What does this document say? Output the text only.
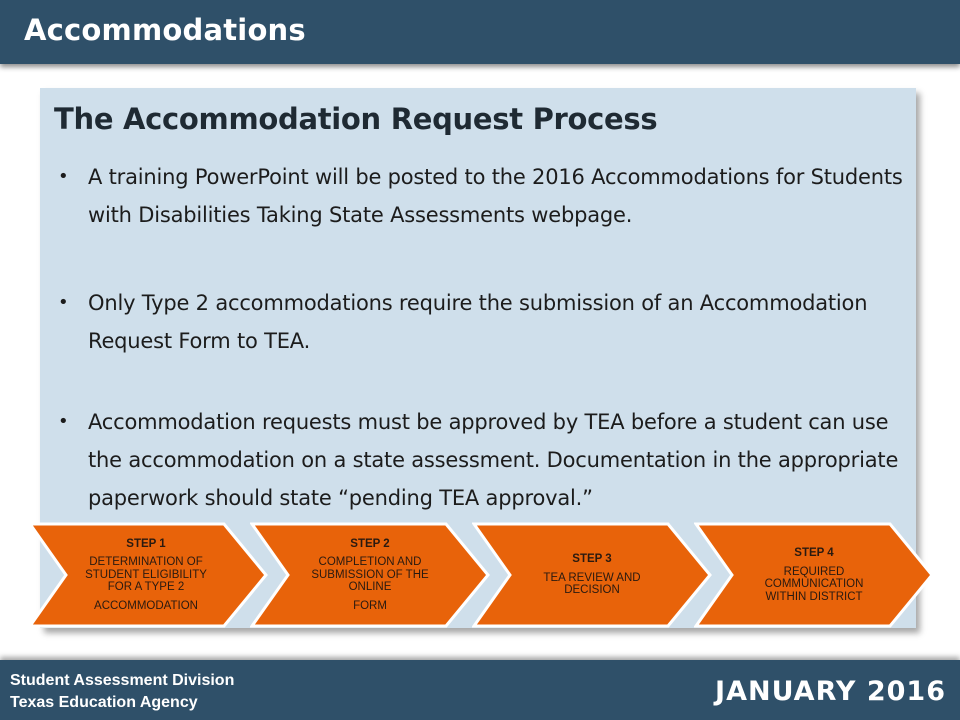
Accommodations
The Accommodation Request Process
• A training PowerPoint will be posted to the 2016 Accommodations for Students with Disabilities Taking State Assessments webpage.
• Only Type 2 accommodations require the submission of an Accommodation Request Form to TEA.
• Accommodation requests must be approved by TEA before a student can use the accommodation on a state assessment. Documentation in the appropriate paperwork should state “pending TEA approval.”
STEP 1
DETERMINATION OF
STUDENT ELIGIBILITY
FOR A TYPE 2
ACCOMMODATION
STEP 2
COMPLETION AND
SUBMISSION OF THE
ONLINE
FORM
STEP 3
TEA REVIEW AND
DECISION
STEP 4
REQUIRED
COMMUNICATION
WITHIN DISTRICT
Student Assessment Division
Texas Education Agency	JANUARY 2016
